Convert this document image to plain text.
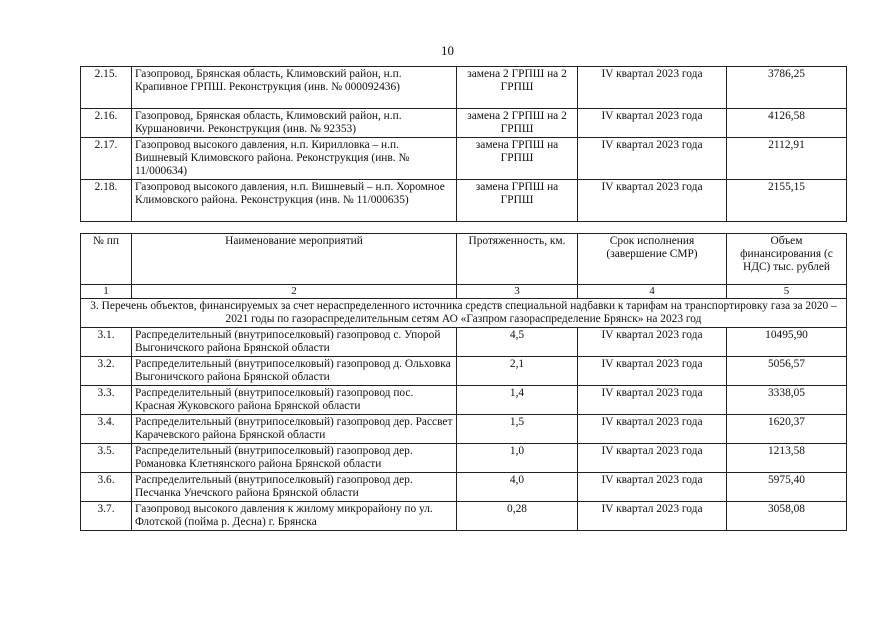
10
2.15.	Газопровод, Брянская область, Климовский район, н.п. Крапивное ГРПШ. Реконструкция (инв. № 000092436)	замена 2 ГРПШ на 2 ГРПШ	IV квартал 2023 года	3786,25
2.16.	Газопровод, Брянская область, Климовский район, н.п. Куршановичи. Реконструкция (инв. № 92353)	замена 2 ГРПШ на 2 ГРПШ	IV квартал 2023 года	4126,58
2.17.	Газопровод высокого давления, н.п. Кирилловка – н.п. Вишневый Климовского района. Реконструкция (инв. № 11/000634)	замена ГРПШ на ГРПШ	IV квартал 2023 года	2112,91
2.18.	Газопровод высокого давления, н.п. Вишневый – н.п. Хоромное Климовского района. Реконструкция (инв. № 11/000635)	замена ГРПШ на ГРПШ	IV квартал 2023 года	2155,15
№ пп	Наименование мероприятий	Протяженность, км.	Срок исполнения (завершение СМР)	Объем финансирования (с НДС) тыс. рублей
1	2	3	4	5
3. Перечень объектов, финансируемых за счет нераспределенного источника средств специальной надбавки к тарифам на транспортировку газа за 2020 – 2021 годы по газораспределительным сетям АО «Газпром газораспределение Брянск» на 2023 год				
3.1.	Распределительный (внутрипоселковый) газопровод с. Упорой Выгоничского района Брянской области	4,5	IV квартал 2023 года	10495,90
3.2.	Распределительный (внутрипоселковый) газопровод д. Ольховка Выгоничского района Брянской области	2,1	IV квартал 2023 года	5056,57
3.3.	Распределительный (внутрипоселковый) газопровод пос. Красная Жуковского района Брянской области	1,4	IV квартал 2023 года	3338,05
3.4.	Распределительный (внутрипоселковый) газопровод дер. Рассвет Карачевского района Брянской области	1,5	IV квартал 2023 года	1620,37
3.5.	Распределительный (внутрипоселковый) газопровод дер. Романовка Клетнянского района Брянской области	1,0	IV квартал 2023 года	1213,58
3.6.	Распределительный (внутрипоселковый) газопровод дер. Песчанка Унечского района Брянской области	4,0	IV квартал 2023 года	5975,40
3.7.	Газопровод высокого давления к жилому микрорайону по ул. Флотской (пойма р. Десна) г. Брянска	0,28	IV квартал 2023 года	3058,08
